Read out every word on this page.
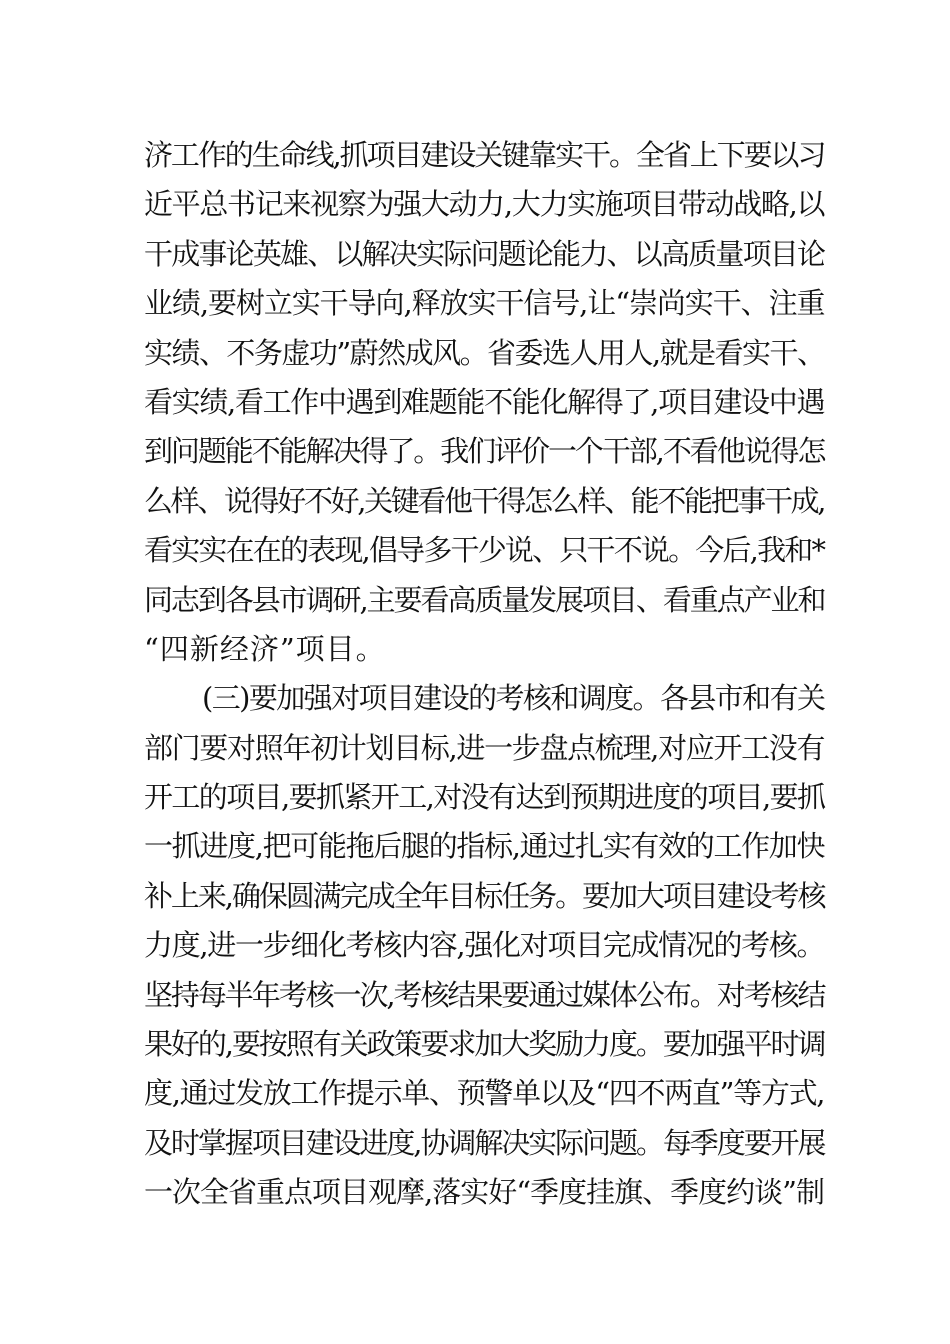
济工作的生命线,抓项目建设关键靠实干。全省上下要以习
近平总书记来视察为强大动力,大力实施项目带动战略,以
干成事论英雄、以解决实际问题论能力、以高质量项目论
业绩,要树立实干导向,释放实干信号,让“崇尚实干、注重
实绩、不务虚功”蔚然成风。省委选人用人,就是看实干、
看实绩,看工作中遇到难题能不能化解得了,项目建设中遇
到问题能不能解决得了。我们评价一个干部,不看他说得怎
么样、说得好不好,关键看他干得怎么样、能不能把事干成,
看实实在在的表现,倡导多干少说、只干不说。今后,我和*
同志到各县市调研,主要看高质量发展项目、看重点产业和
“四新经济”项目。
(三)要加强对项目建设的考核和调度。各县市和有关
部门要对照年初计划目标,进一步盘点梳理,对应开工没有
开工的项目,要抓紧开工,对没有达到预期进度的项目,要抓
一抓进度,把可能拖后腿的指标,通过扎实有效的工作加快
补上来,确保圆满完成全年目标任务。要加大项目建设考核
力度,进一步细化考核内容,强化对项目完成情况的考核。
坚持每半年考核一次,考核结果要通过媒体公布。对考核结
果好的,要按照有关政策要求加大奖励力度。要加强平时调
度,通过发放工作提示单、预警单以及“四不两直”等方式,
及时掌握项目建设进度,协调解决实际问题。每季度要开展
一次全省重点项目观摩,落实好“季度挂旗、季度约谈”制
